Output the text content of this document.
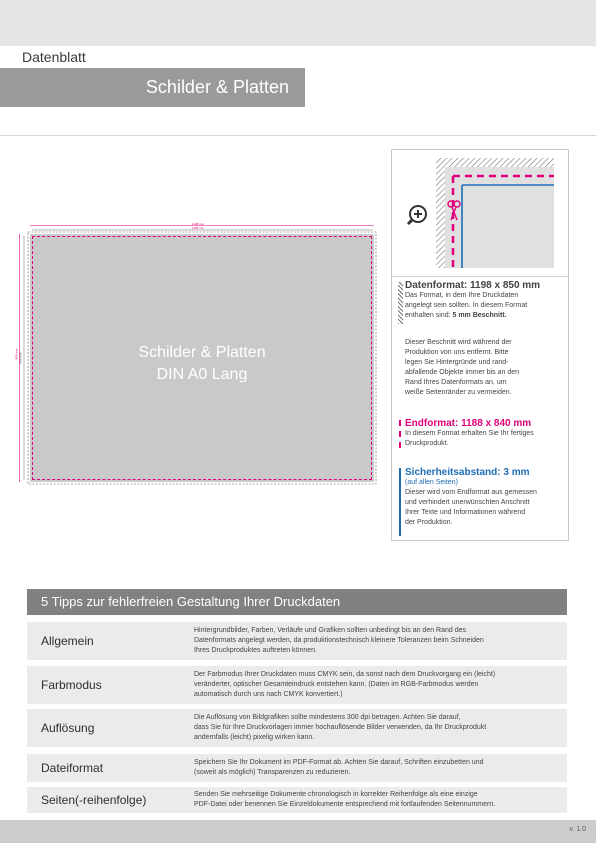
Datenblatt
Schilder & Platten
1198 mm
1188 mm
850 mm 840 mm	Schilder & Platten
DIN A0 Lang
Datenformat: 1198 x 850 mm
Das Format, in dem Ihre Druckdaten
angelegt sein sollten. In diesem Format
enthalten sind: 5 mm Beschnitt.
Dieser Beschnitt wird während der
Produktion von uns entfernt. Bitte
legen Sie Hintergründe und rand-
abfallende Objekte immer bis an den
Rand Ihres Datenformats an, um
weiße Seitenränder zu vermeiden.
Endformat: 1188 x 840 mm
In diesem Format erhalten Sie Ihr fertiges
Druckprodukt.
Sicherheitsabstand: 3 mm
(auf allen Seiten)
Dieser wird vom Endformat aus gemessen
und verhindert unerwünschten Anschnitt
Ihrer Texte und Informationen während
der Produktion.
5 Tipps zur fehlerfreien Gestaltung Ihrer Druckdaten
Allgemein
Hintergrundbilder, Farben, Verläufe und Grafiken sollten unbedingt bis an den Rand des
Datenformats angelegt werden, da produktionstechnisch kleinere Toleranzen beim Schneiden
Ihres Druckproduktes auftreten können.
Farbmodus
Der Farbmodus Ihrer Druckdaten muss CMYK sein, da sonst nach dem Druckvorgang ein (leicht)
veränderter, optischer Gesamteindruck entstehen kann. (Daten im RGB-Farbmodus werden
automatisch durch uns nach CMYK konvertiert.)
Auflösung
Die Auflösung von Bildgrafiken sollte mindestens 300 dpi betragen. Achten Sie darauf,
dass Sie für Ihre Druckvorlagen immer hochauflösende Bilder verwenden, da Ihr Druckprodukt
andernfalls (leicht) pixelig wirken kann.
Dateiformat	Speichern Sie Ihr Dokument im PDF-Format ab. Achten Sie darauf, Schriften einzubetten und
(soweit als möglich) Transparenzen zu reduzieren.
Seiten(-reihenfolge)	Senden Sie mehrseitige Dokumente chronologisch in korrekter Reihenfolge als eine einzige
PDF-Datei oder benennen Sie Einzeldokumente entsprechend mit fortlaufenden Seitennummern.
v. 1.0
